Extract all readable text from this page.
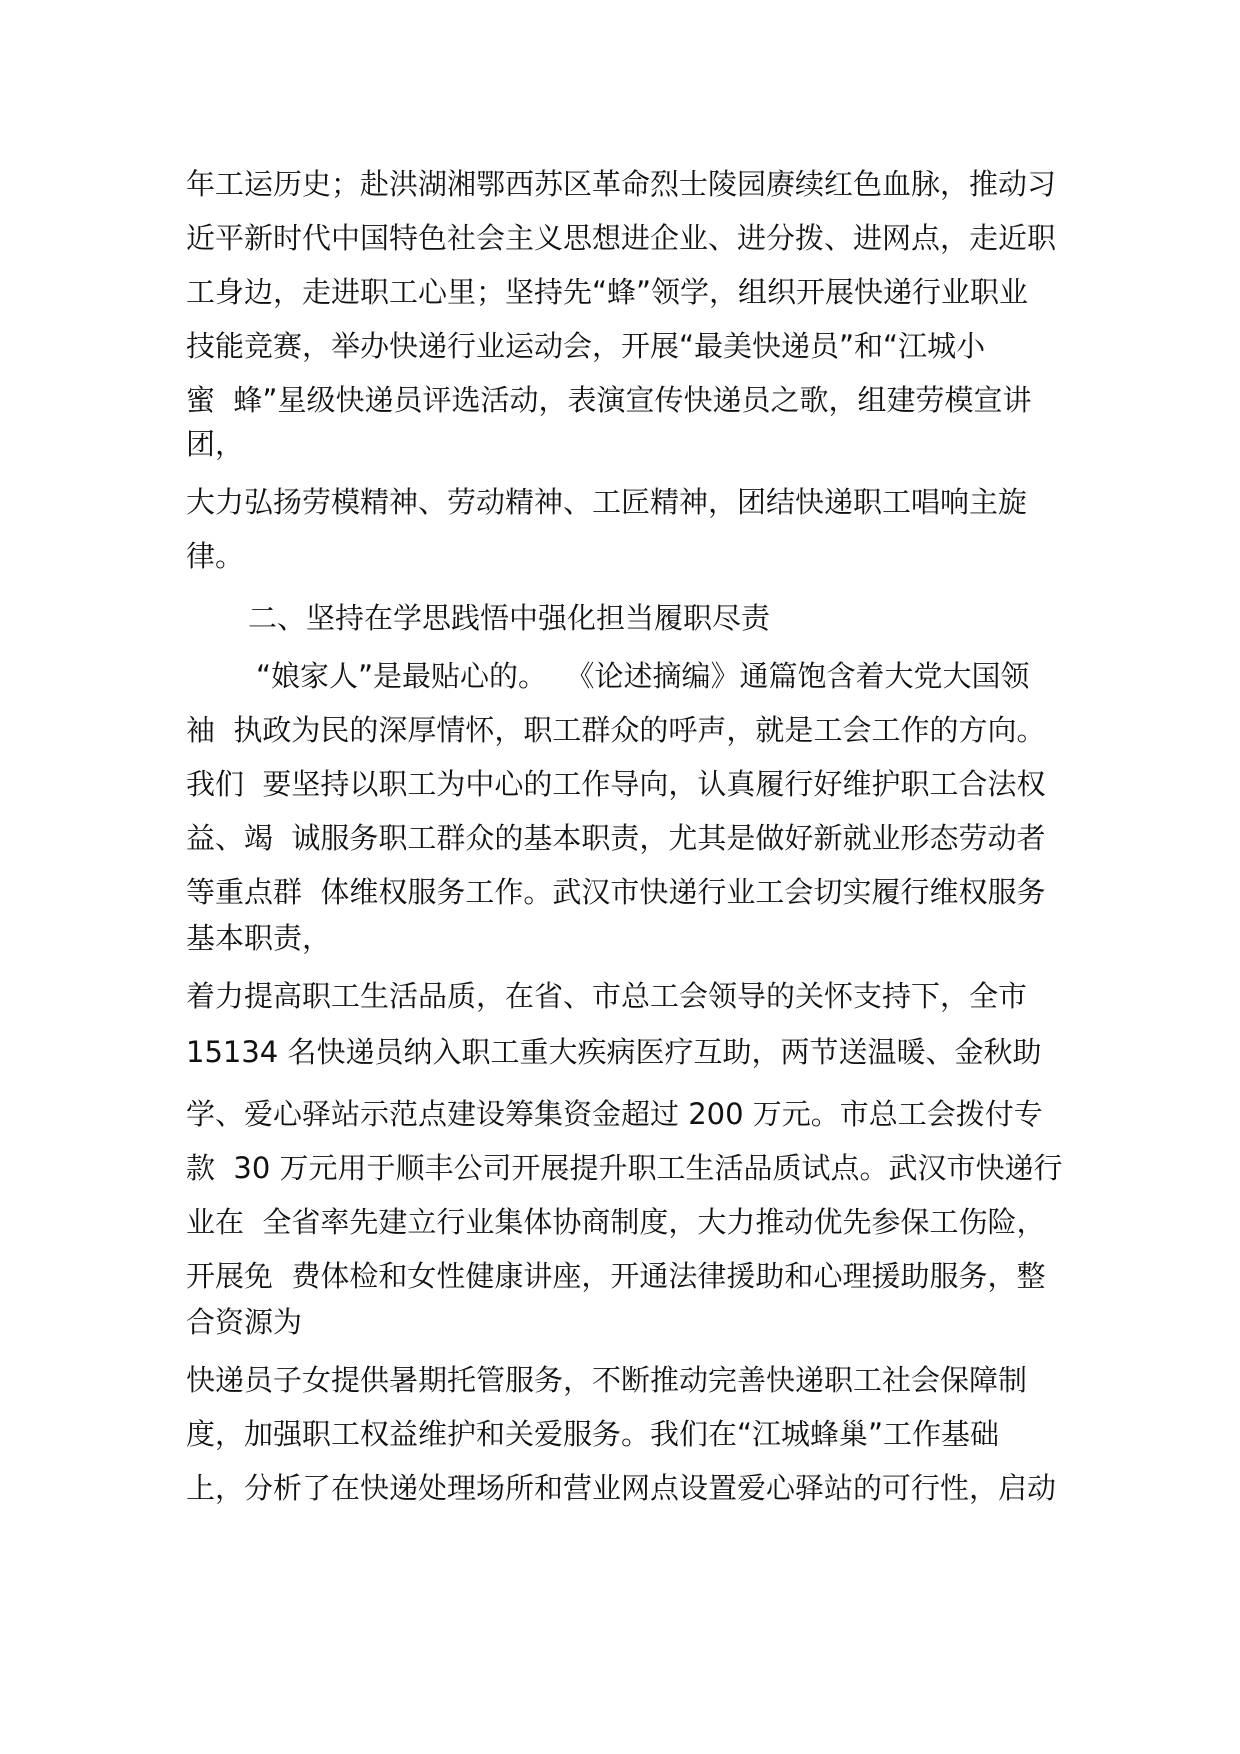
年工运历史；赴洪湖湘鄂西苏区革命烈士陵园赓续红色血脉，推动习
近平新时代中国特色社会主义思想进企业、进分拨、进网点，走近职
工身边，走进职工心里；坚持先“蜂”领学，组织开展快递行业职业
技能竞赛，举办快递行业运动会，开展“最美快递员”和“江城小
蜜  蜂”星级快递员评选活动，表演宣传快递员之歌，组建劳模宣讲
团，
大力弘扬劳模精神、劳动精神、工匠精神，团结快递职工唱响主旋
律。
二、坚持在学思践悟中强化担当履职尽责
“娘家人”是最贴心的。  《论述摘编》通篇饱含着大党大国领
袖  执政为民的深厚情怀，职工群众的呼声，就是工会工作的方向。
我们  要坚持以职工为中心的工作导向，认真履行好维护职工合法权
益、竭  诚服务职工群众的基本职责，尤其是做好新就业形态劳动者
等重点群  体维权服务工作。武汉市快递行业工会切实履行维权服务
基本职责，
着力提高职工生活品质，在省、市总工会领导的关怀支持下，全市
15134 名快递员纳入职工重大疾病医疗互助，两节送温暖、金秋助
学、爱心驿站示范点建设筹集资金超过 200 万元。市总工会拨付专
款  30 万元用于顺丰公司开展提升职工生活品质试点。武汉市快递行
业在  全省率先建立行业集体协商制度，大力推动优先参保工伤险，
开展免  费体检和女性健康讲座，开通法律援助和心理援助服务，整
合资源为
快递员子女提供暑期托管服务，不断推动完善快递职工社会保障制
度，加强职工权益维护和关爱服务。我们在“江城蜂巢”工作基础
上，分析了在快递处理场所和营业网点设置爱心驿站的可行性，启动
